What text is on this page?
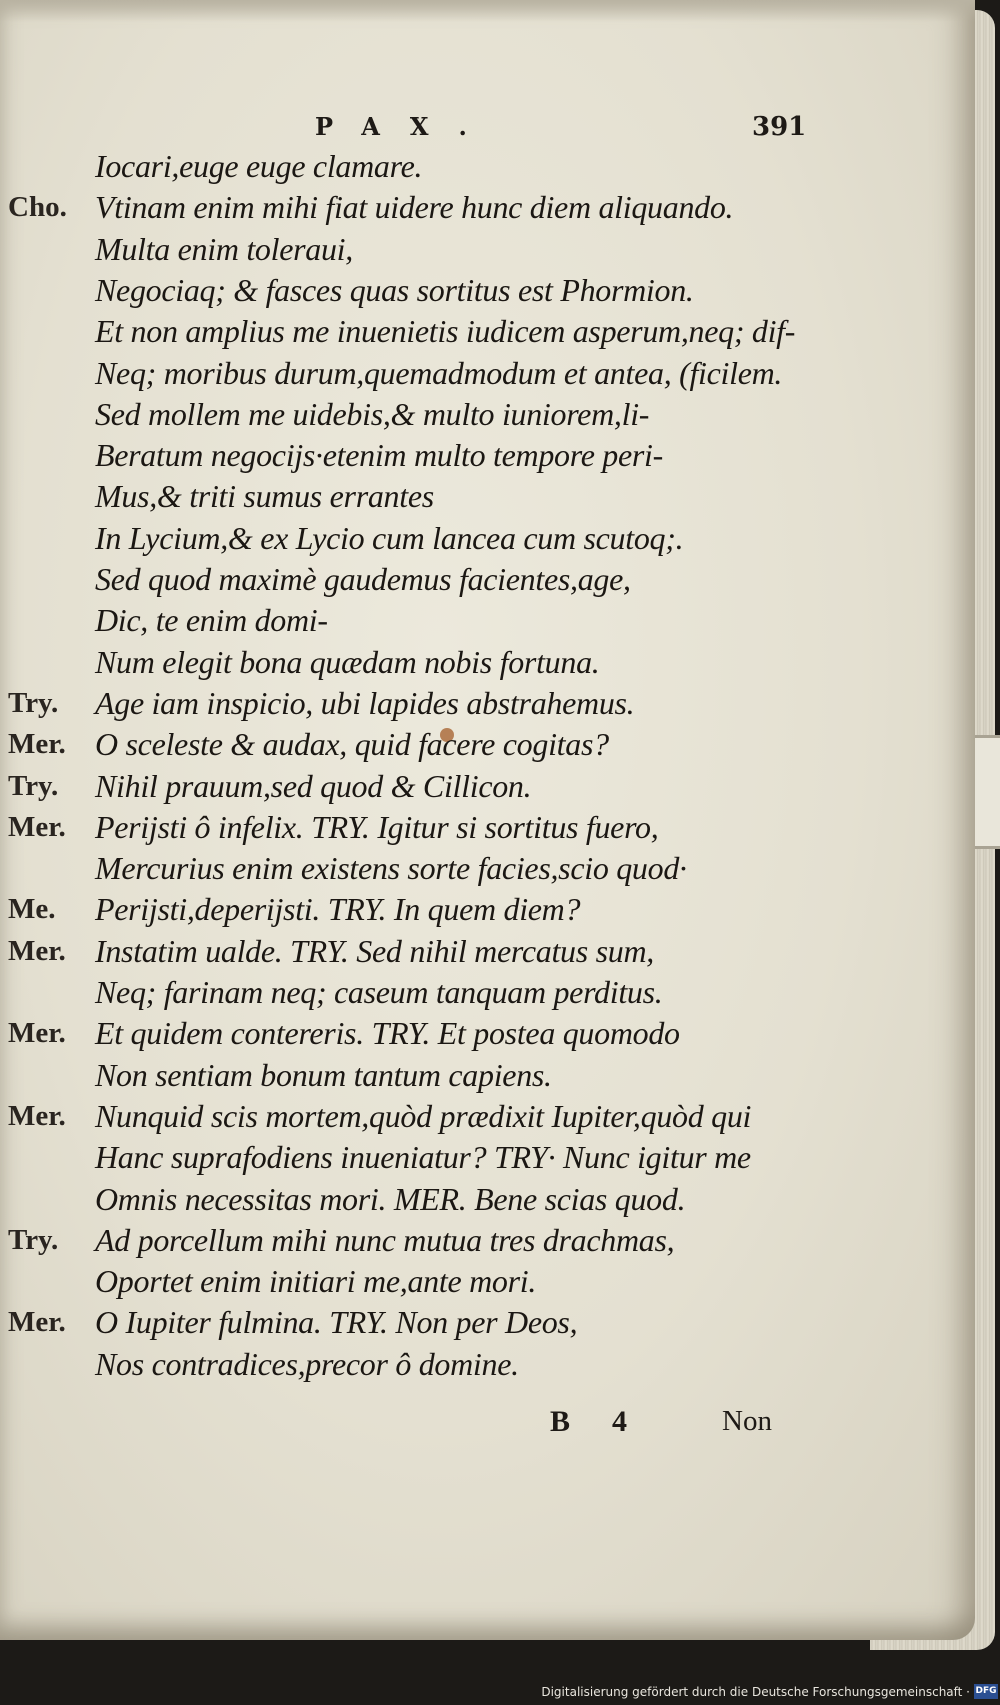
PAX.	391
Iocari,euge euge clamare.
Cho. Vtinam enim mihi fiat uidere hunc diem aliquando.
Multa enim toleraui,
Negociaq; & fasces quas sortitus est Phormion.
Et non amplius me inuenietis iudicem asperum,neq; dif-
Neq; moribus durum,quemadmodum et antea, (ficilem.
Sed mollem me uidebis,& multo iuniorem,li-
Beratum negocijs·etenim multo tempore peri-
Mus,& triti sumus errantes
In Lycium,& ex Lycio cum lancea cum scutoq;.
Sed quod maximè gaudemus facientes,age,
Dic, te enim domi-
Num elegit bona quædam nobis fortuna.
Try. Age iam inspicio, ubi lapides abstrahemus.
Mer. O scelestе & audax, quid facere cogitas?
Try. Nihil prauum,sed quod & Cillicon.
Mer. Perijsti ô infelix. TRY. Igitur si sortitus fuero,
Mercurius enim existens sorte facies,scio quod·
Me. Perijsti,deperijsti. TRY. In quem diem?
Mer. Instatim ualde. TRY. Sed nihil mercatus sum,
Neq; farinam neq; caseum tanquam perditus.
Mer. Et quidem contereris. TRY. Et postea quomodo
Non sentiam bonum tantum capiens.
Mer. Nunquid scis mortem,quòd prædixit Iupiter,quòd qui
Hanc suprafodiens inueniatur? TRY· Nunc igitur me
Omnis necessitas mori. MER. Bene scias quod.
Try. Ad porcellum mihi nunc mutua tres drachmas,
Oportet enim initiari me,ante mori.
Mer. O Iupiter fulmina. TRY. Non per Deos,
Nos contradices,precor ô domine.
B 4	Non
Digitalisierung gefördert durch die Deutsche Forschungsgemeinschaft · DFG
